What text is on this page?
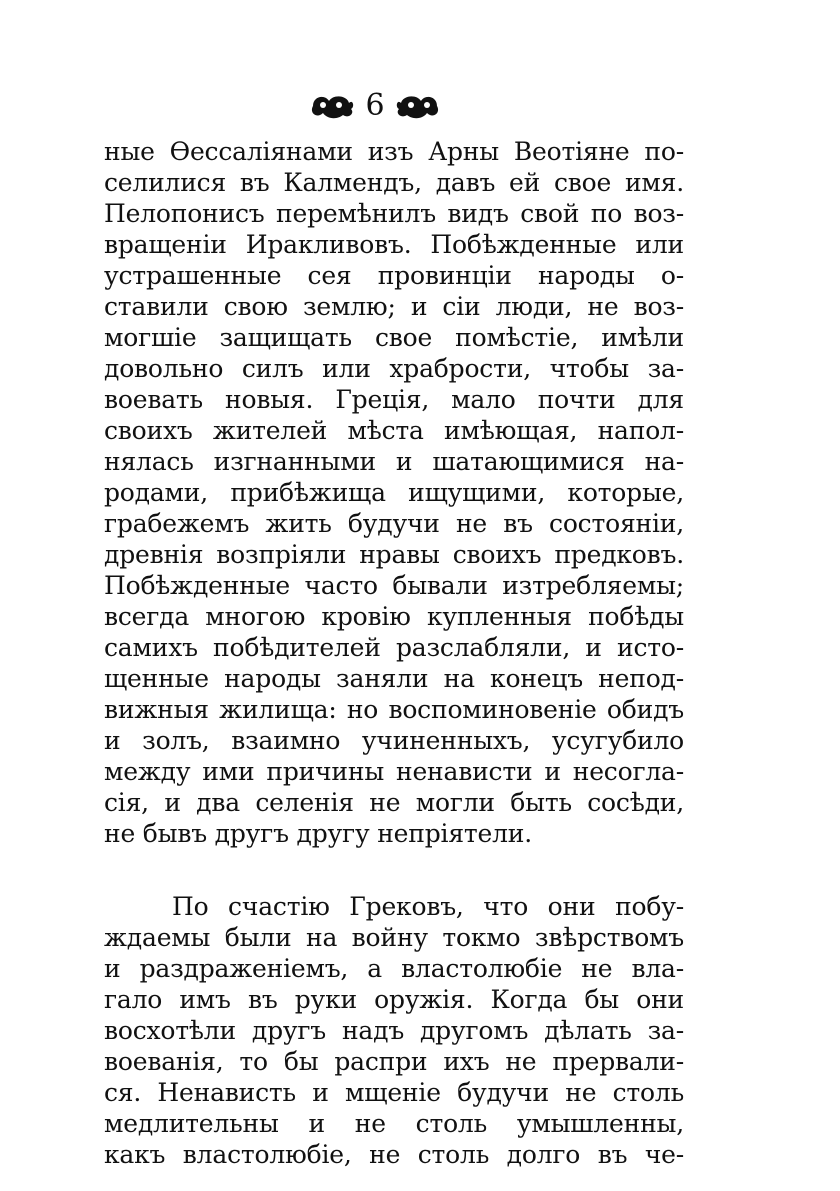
6
ные Ѳессаліянами изъ Арны Веотіяне по-
селилися въ Калмендъ, давъ ей свое имя.
Пелопонисъ перемѣнилъ видъ свой по воз-
вращеніи Иракливовъ. Побѣжденные или
устрашенные сея провинціи народы о-
ставили свою землю; и сіи люди, не воз-
могшіе защищать свое помѣстіе, имѣли
довольно силъ или храбрости, чтобы за-
воевать новыя. Греція, мало почти для
своихъ жителей мѣста имѣющая, напол-
нялась изгнанными и шатающимися на-
родами, прибѣжища ищущими, которые,
грабежемъ жить будучи не въ состояніи,
древнія возпріяли нравы своихъ предковъ.
Побѣжденные часто бывали изтребляемы;
всегда многою кровію купленныя побѣды
самихъ побѣдителей разслабляли, и исто-
щенные народы заняли на конецъ непод-
вижныя жилища: но воспоминовеніе обидъ
и золъ, взаимно учиненныхъ, усугубило
между ими причины ненависти и несогла-
сія, и два селенія не могли быть сосѣди,
не бывъ другъ другу непріятели.
По счастію Грековъ, что они побу-
ждаемы были на войну токмо звѣрствомъ
и раздраженіемъ, а властолюбіе не вла-
гало имъ въ руки оружія. Когда бы они
восхотѣли другъ надъ другомъ дѣлать за-
воеванія, то бы распри ихъ не прервали-
ся. Ненависть и мщеніе будучи не столь
медлительны и не столь умышленны,
какъ властолюбіе, не столь долго въ че-
